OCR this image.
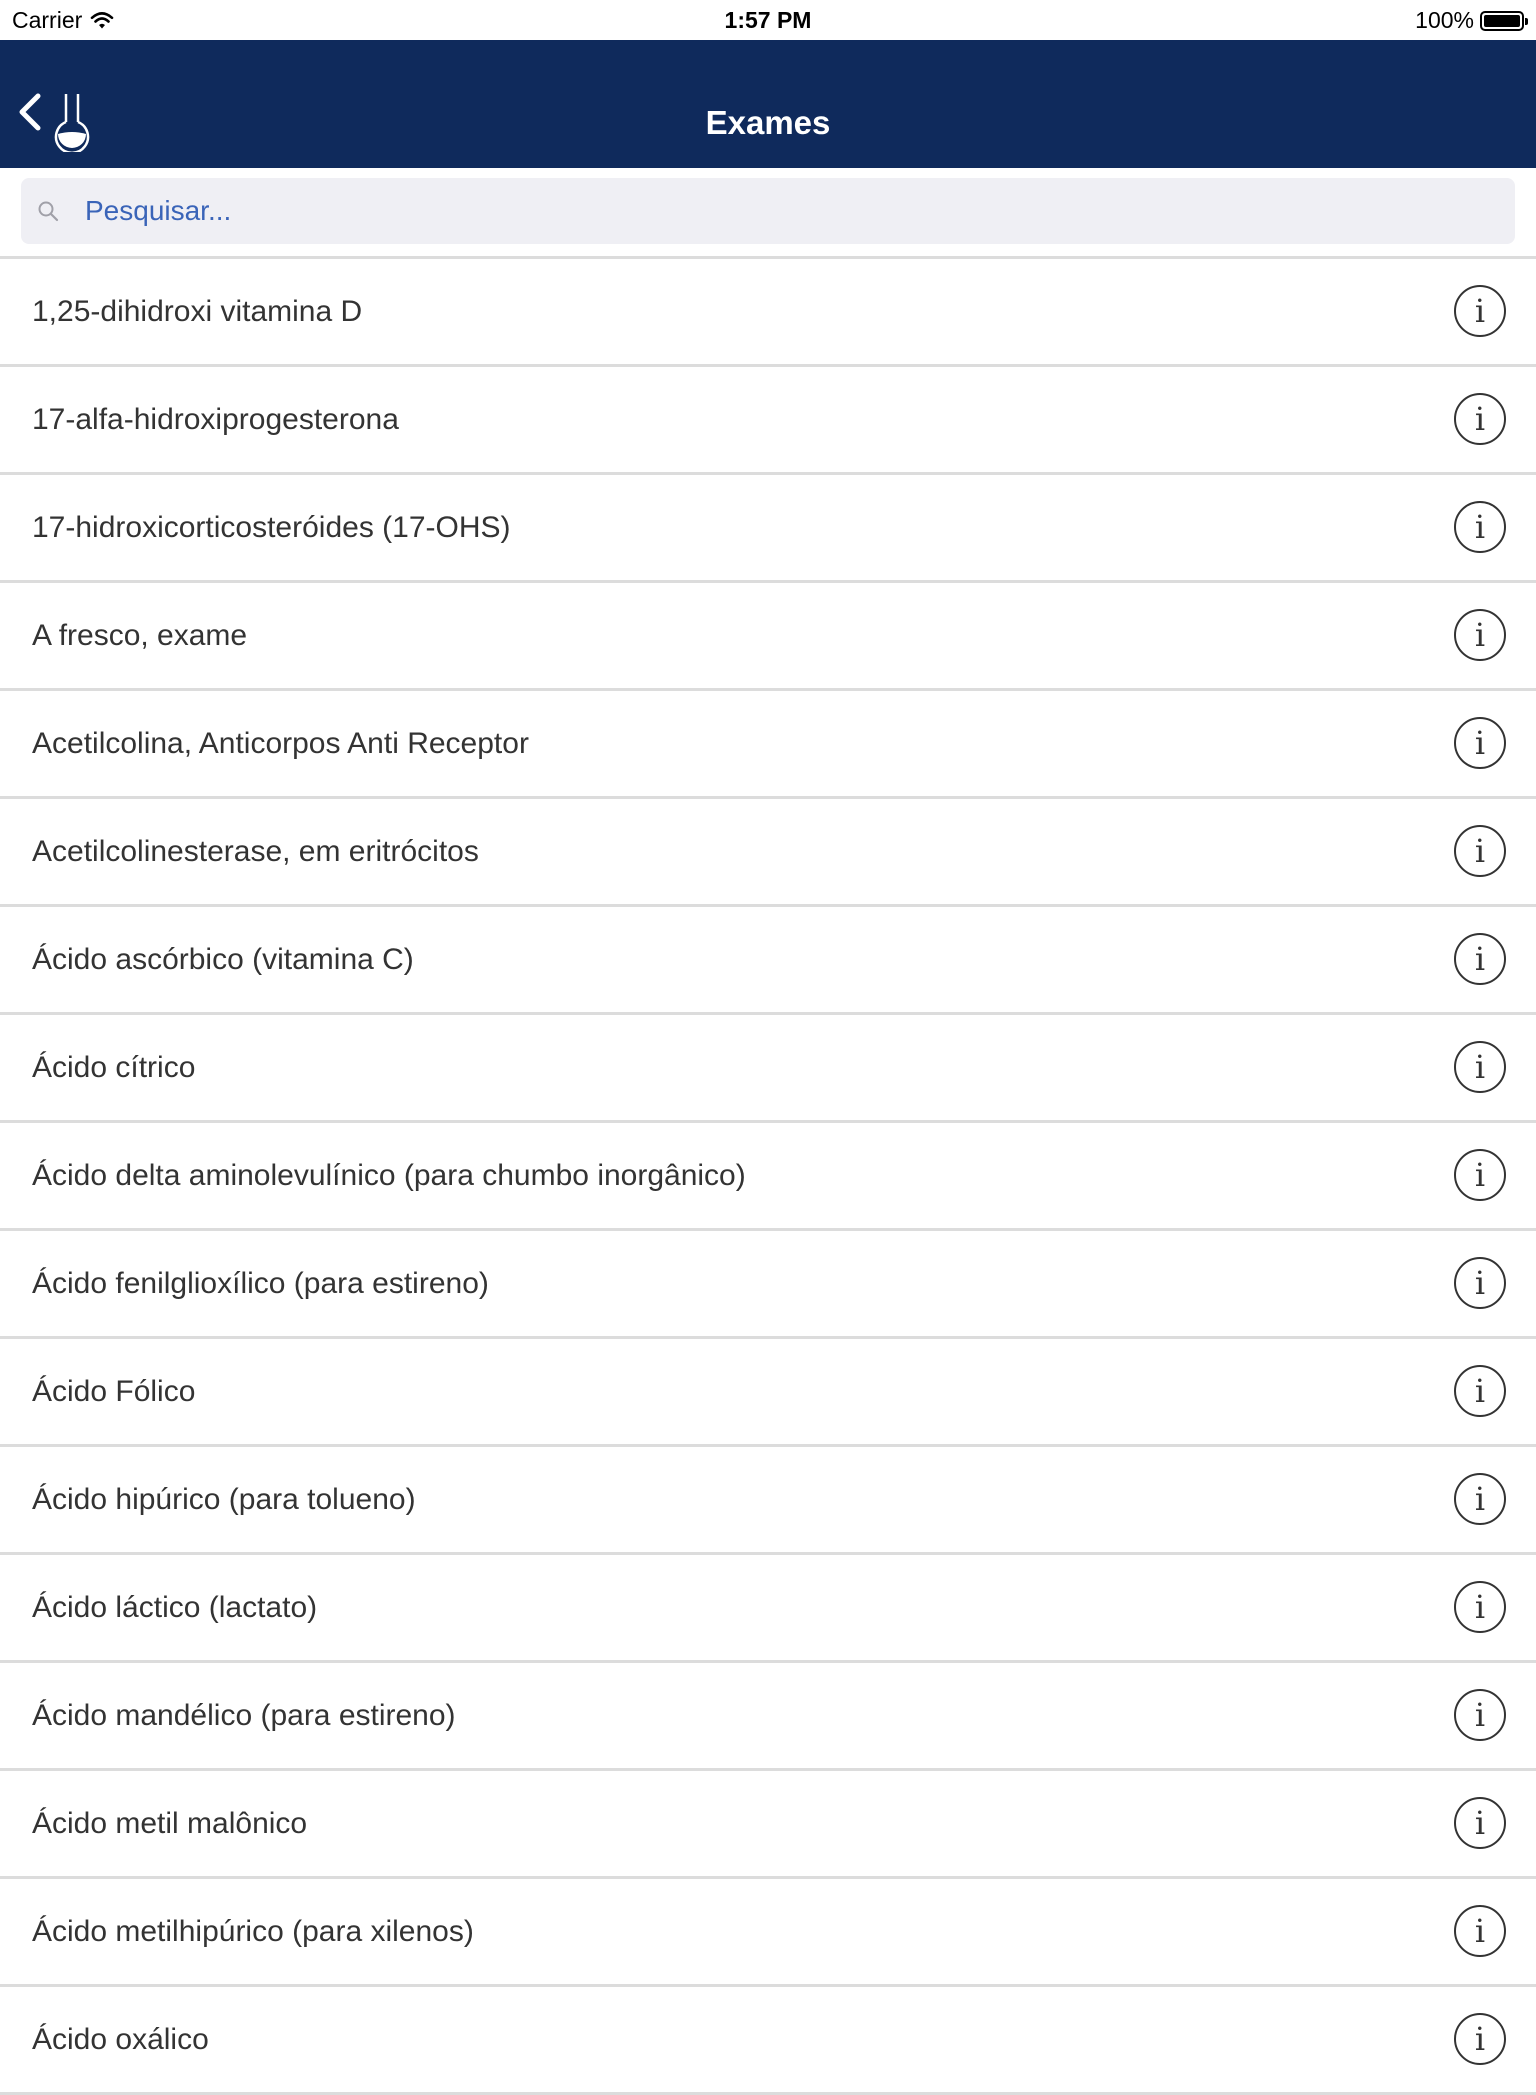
Carrier	1:57 PM	100%
Exames
Pesquisar...
1,25-dihidroxi vitamina D	i
17-alfa-hidroxiprogesterona	i
17-hidroxicorticosteróides (17-OHS)	i
A fresco, exame	i
Acetilcolina, Anticorpos Anti Receptor	i
Acetilcolinesterase, em eritrócitos	i
Ácido ascórbico (vitamina C)	i
Ácido cítrico	i
Ácido delta aminolevulínico (para chumbo inorgânico)	i
Ácido fenilglioxílico (para estireno)	i
Ácido Fólico	i
Ácido hipúrico (para tolueno)	i
Ácido láctico (lactato)	i
Ácido mandélico (para estireno)	i
Ácido metil malônico	i
Ácido metilhipúrico (para xilenos)	i
Ácido oxálico	i
